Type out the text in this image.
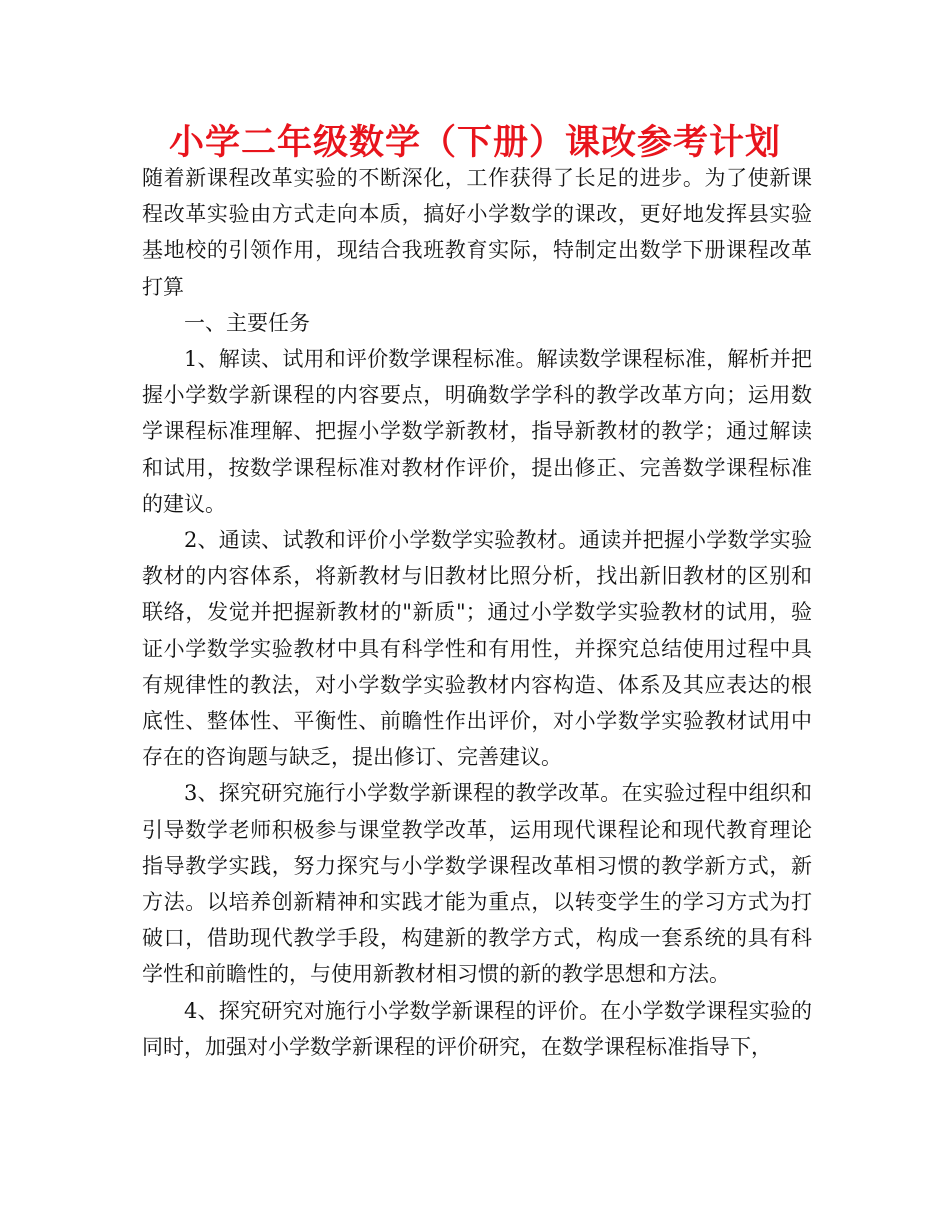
小学二年级数学（下册）课改参考计划

随着新课程改革实验的不断深化，工作获得了长足的进步。为了使新课程改革实验由方式走向本质，搞好小学数学的课改，更好地发挥县实验基地校的引领作用，现结合我班教育实际，特制定出数学下册课程改革打算

一、主要任务

1、解读、试用和评价数学课程标准。解读数学课程标准，解析并把握小学数学新课程的内容要点，明确数学学科的教学改革方向；运用数学课程标准理解、把握小学数学新教材，指导新教材的教学；通过解读和试用，按数学课程标准对教材作评价，提出修正、完善数学课程标准的建议。

2、通读、试教和评价小学数学实验教材。通读并把握小学数学实验教材的内容体系，将新教材与旧教材比照分析，找出新旧教材的区别和联络，发觉并把握新教材的"新质"；通过小学数学实验教材的试用，验证小学数学实验教材中具有科学性和有用性，并探究总结使用过程中具有规律性的教法，对小学数学实验教材内容构造、体系及其应表达的根底性、整体性、平衡性、前瞻性作出评价，对小学数学实验教材试用中存在的咨询题与缺乏，提出修订、完善建议。

3、探究研究施行小学数学新课程的教学改革。在实验过程中组织和引导数学老师积极参与课堂教学改革，运用现代课程论和现代教育理论指导教学实践，努力探究与小学数学课程改革相习惯的教学新方式，新方法。以培养创新精神和实践才能为重点，以转变学生的学习方式为打破口，借助现代教学手段，构建新的教学方式，构成一套系统的具有科学性和前瞻性的，与使用新教材相习惯的新的教学思想和方法。

4、探究研究对施行小学数学新课程的评价。在小学数学课程实验的同时，加强对小学数学新课程的评价研究，在数学课程标准指导下，
